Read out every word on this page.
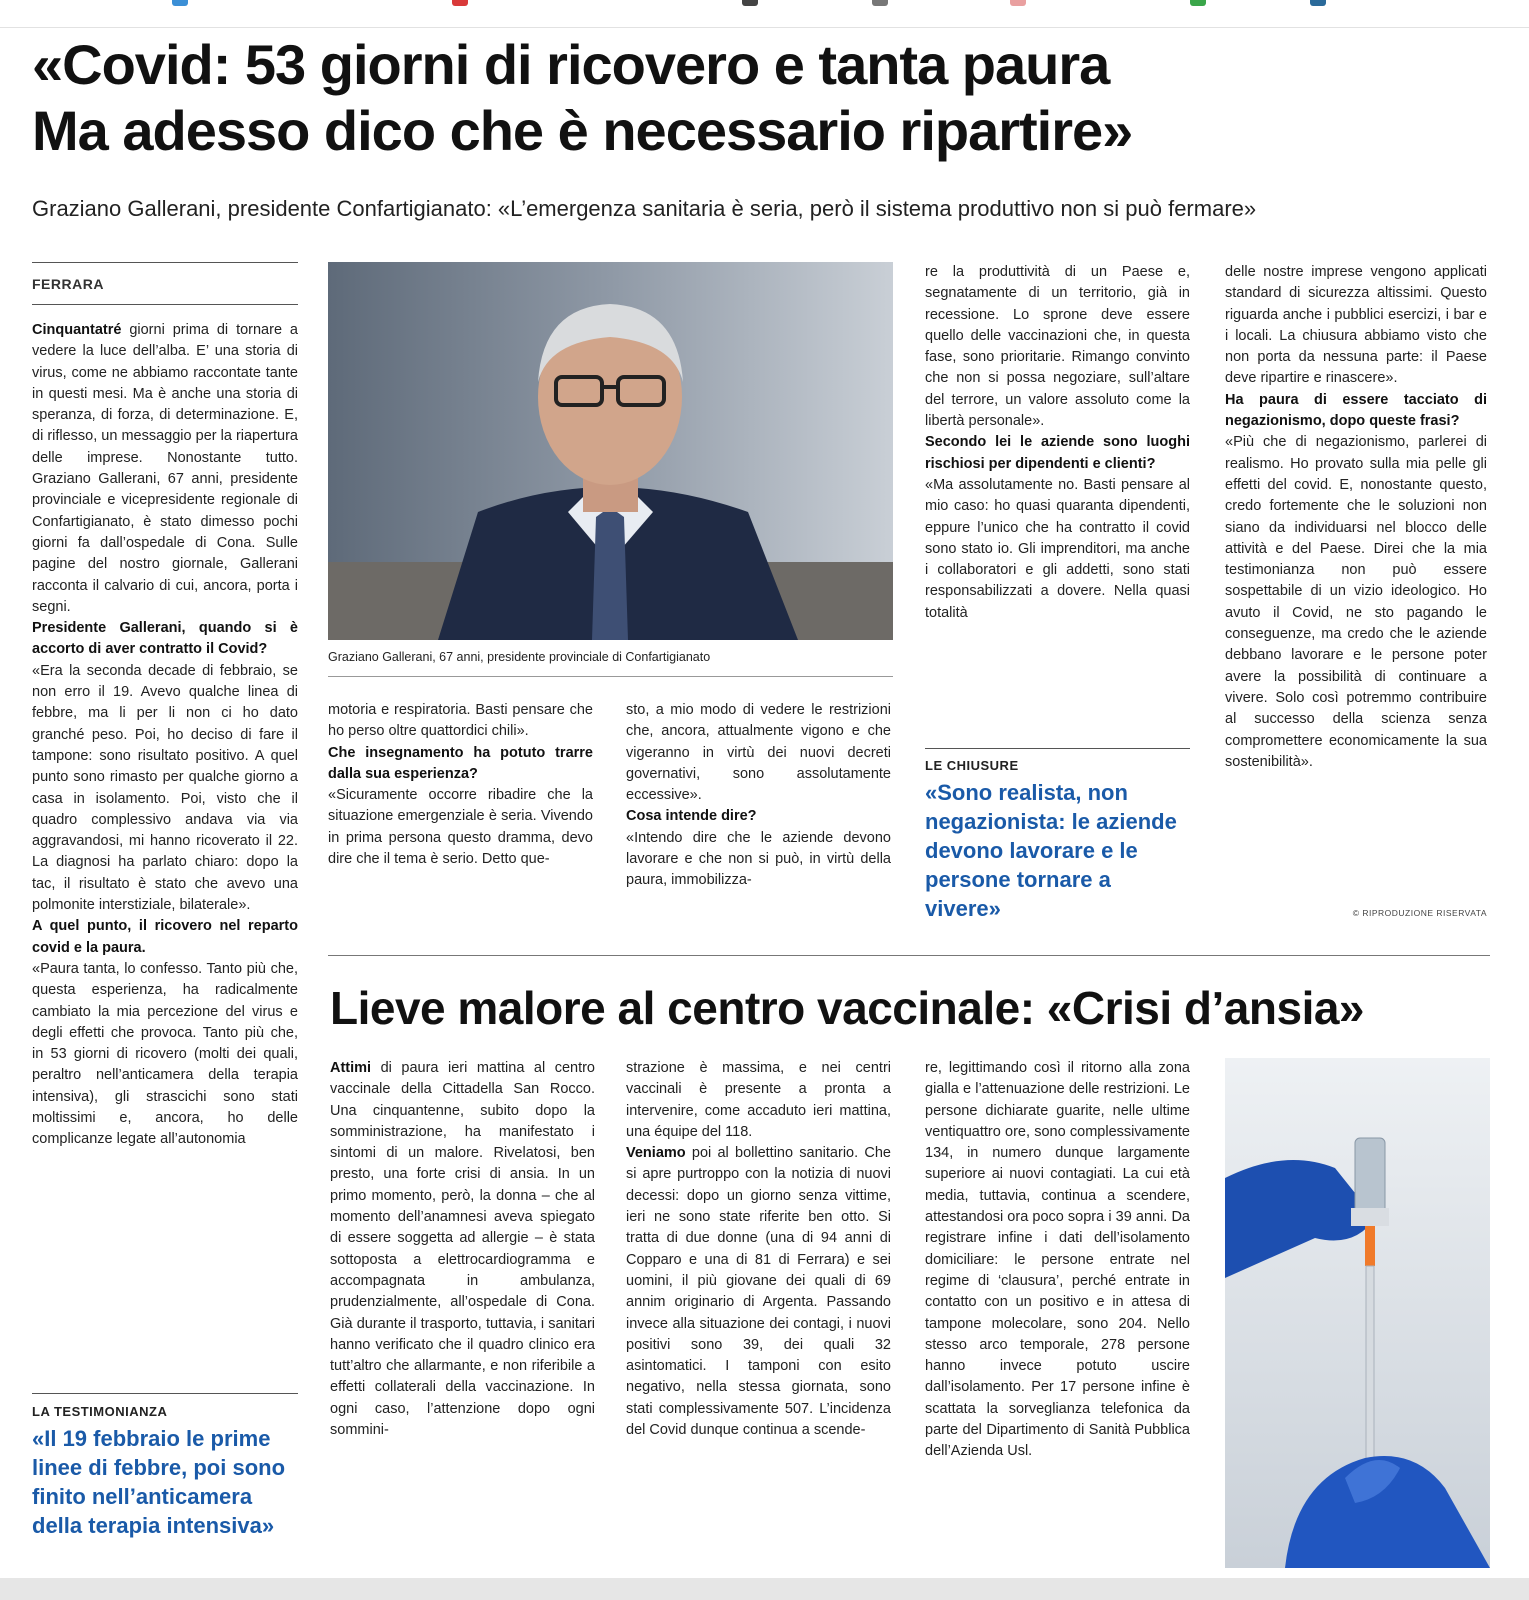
«Covid: 53 giorni di ricovero e tanta paura
Ma adesso dico che è necessario ripartire»
Graziano Gallerani, presidente Confartigianato: «L’emergenza sanitaria è seria, però il sistema produttivo non si può fermare»
FERRARA

Cinquantatré giorni prima di tornare a vedere la luce dell’alba. E’ una storia di virus, come ne abbiamo raccontate tante in questi mesi. Ma è anche una storia di speranza, di forza, di determinazione. E, di riflesso, un messaggio per la riapertura delle imprese. Nonostante tutto. Graziano Gallerani, 67 anni, presidente provinciale e vicepresidente regionale di Confartigianato, è stato dimesso pochi giorni fa dall’ospedale di Cona. Sulle pagine del nostro giornale, Gallerani racconta il calvario di cui, ancora, porta i segni.

Presidente Gallerani, quando si è accorto di aver contratto il Covid?

«Era la seconda decade di febbraio, se non erro il 19. Avevo qualche linea di febbre, ma li per li non ci ho dato granché peso. Poi, ho deciso di fare il tampone: sono risultato positivo. A quel punto sono rimasto per qualche giorno a casa in isolamento. Poi, visto che il quadro complessivo andava via via aggravandosi, mi hanno ricoverato il 22. La diagnosi ha parlato chiaro: dopo la tac, il risultato è stato che avevo una polmonite interstiziale, bilaterale».

A quel punto, il ricovero nel reparto covid e la paura.

«Paura tanta, lo confesso. Tanto più che, questa esperienza, ha radicalmente cambiato la mia percezione del virus e degli effetti che provoca. Tanto più che, in 53 giorni di ricovero (molti dei quali, peraltro nell’anticamera della terapia intensiva), gli strascichi sono stati moltissimi e, ancora, ho delle complicanze legate all’autonomia

Graziano Gallerani, 67 anni, presidente provinciale di Confartigianato

motoria e respiratoria. Basti pensare che ho perso oltre quattordici chili».

Che insegnamento ha potuto trarre dalla sua esperienza?

«Sicuramente occorre ribadire che la situazione emergenziale è seria. Vivendo in prima persona questo dramma, devo dire che il tema è serio. Detto que-

sto, a mio modo di vedere le restrizioni che, ancora, attualmente vigono e che vigeranno in virtù dei nuovi decreti governativi, sono assolutamente eccessive».

Cosa intende dire?

«Intendo dire che le aziende devono lavorare e che non si può, in virtù della paura, immobilizza-

re la produttività di un Paese e, segnatamente di un territorio, già in recessione. Lo sprone deve essere quello delle vaccinazioni che, in questa fase, sono prioritarie. Rimango convinto che non si possa negoziare, sull’altare del terrore, un valore assoluto come la libertà personale».

Secondo lei le aziende sono luoghi rischiosi per dipendenti e clienti?

«Ma assolutamente no. Basti pensare al mio caso: ho quasi quaranta dipendenti, eppure l’unico che ha contratto il covid sono stato io. Gli imprenditori, ma anche i collaboratori e gli addetti, sono stati responsabilizzati a dovere. Nella quasi totalità

LE CHIUSURE
«Sono realista, non negazionista: le aziende devono lavorare e le persone tornare a vivere»

delle nostre imprese vengono applicati standard di sicurezza altissimi. Questo riguarda anche i pubblici esercizi, i bar e i locali. La chiusura abbiamo visto che non porta da nessuna parte: il Paese deve ripartire e rinascere».

Ha paura di essere tacciato di negazionismo, dopo queste frasi?

«Più che di negazionismo, parlerei di realismo. Ho provato sulla mia pelle gli effetti del covid. E, nonostante questo, credo fortemente che le soluzioni non siano da individuarsi nel blocco delle attività e del Paese. Direi che la mia testimonianza non può essere sospettabile di un vizio ideologico. Ho avuto il Covid, ne sto pagando le conseguenze, ma credo che le aziende debbano lavorare e le persone poter avere la possibilità di continuare a vivere. Solo così potremmo contribuire al successo della scienza senza compromettere economicamente la sua sostenibilità».

© RIPRODUZIONE RISERVATA
LA TESTIMONIANZA
«Il 19 febbraio le prime linee di febbre, poi sono finito nell’anticamera della terapia intensiva»
Lieve malore al centro vaccinale: «Crisi d’ansia»

Attimi di paura ieri mattina al centro vaccinale della Cittadella San Rocco. Una cinquantenne, subito dopo la somministrazione, ha manifestato i sintomi di un malore. Rivelatosi, ben presto, una forte crisi di ansia. In un primo momento, però, la donna – che al momento dell’anamnesi aveva spiegato di essere soggetta ad allergie – è stata sottoposta a elettrocardiogramma e accompagnata in ambulanza, prudenzialmente, all’ospedale di Cona. Già durante il trasporto, tuttavia, i sanitari hanno verificato che il quadro clinico era tutt’altro che allarmante, e non riferibile a effetti collaterali della vaccinazione. In ogni caso, l’attenzione dopo ogni sommini-

strazione è massima, e nei centri vaccinali è presente a pronta a intervenire, come accaduto ieri mattina, una équipe del 118.

Veniamo poi al bollettino sanitario. Che si apre purtroppo con la notizia di nuovi decessi: dopo un giorno senza vittime, ieri ne sono state riferite ben otto. Si tratta di due donne (una di 94 anni di Copparo e una di 81 di Ferrara) e sei uomini, il più giovane dei quali di 69 annim originario di Argenta. Passando invece alla situazione dei contagi, i nuovi positivi sono 39, dei quali 32 asintomatici. I tamponi con esito negativo, nella stessa giornata, sono stati complessivamente 507. L’incidenza del Covid dunque continua a scende-

re, legittimando così il ritorno alla zona gialla e l’attenuazione delle restrizioni. Le persone dichiarate guarite, nelle ultime ventiquattro ore, sono complessivamente 134, in numero dunque largamente superiore ai nuovi contagiati. La cui età media, tuttavia, continua a scendere, attestandosi ora poco sopra i 39 anni. Da registrare infine i dati dell’isolamento domiciliare: le persone entrate nel regime di ‘clausura’, perché entrate in contatto con un positivo e in attesa di tampone molecolare, sono 204. Nello stesso arco temporale, 278 persone hanno invece potuto uscire dall’isolamento. Per 17 persone infine è scattata la sorveglianza telefonica da parte del Dipartimento di Sanità Pubblica dell’Azienda Usl.
